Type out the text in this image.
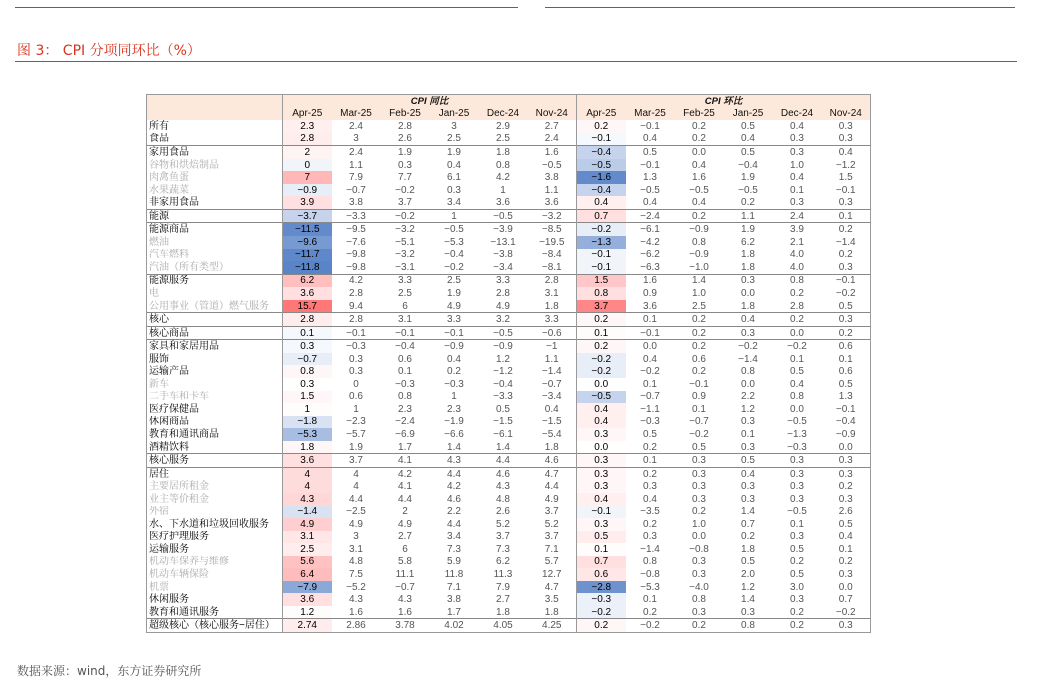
图 3： CPI 分项同环比（%）
	CPI 同比						CPI 环比					
	Apr-25	Mar-25	Feb-25	Jan-25	Dec-24	Nov-24	Apr-25	Mar-25	Feb-25	Jan-25	Dec-24	Nov-24
所有	2.3	2.4	2.8	3	2.9	2.7	0.2	−0.1	0.2	0.5	0.4	0.3
食品	2.8	3	2.6	2.5	2.5	2.4	−0.1	0.4	0.2	0.4	0.3	0.3
家用食品	2	2.4	1.9	1.9	1.8	1.6	−0.4	0.5	0.0	0.5	0.3	0.4
谷物和烘焙制品	0	1.1	0.3	0.4	0.8	−0.5	−0.5	−0.1	0.4	−0.4	1.0	−1.2
肉禽鱼蛋	7	7.9	7.7	6.1	4.2	3.8	−1.6	1.3	1.6	1.9	0.4	1.5
水果蔬菜	−0.9	−0.7	−0.2	0.3	1	1.1	−0.4	−0.5	−0.5	−0.5	0.1	−0.1
非家用食品	3.9	3.8	3.7	3.4	3.6	3.6	0.4	0.4	0.4	0.2	0.3	0.3
能源	−3.7	−3.3	−0.2	1	−0.5	−3.2	0.7	−2.4	0.2	1.1	2.4	0.1
能源商品	−11.5	−9.5	−3.2	−0.5	−3.9	−8.5	−0.2	−6.1	−0.9	1.9	3.9	0.2
燃油	−9.6	−7.6	−5.1	−5.3	−13.1	−19.5	−1.3	−4.2	0.8	6.2	2.1	−1.4
汽车燃料	−11.7	−9.8	−3.2	−0.4	−3.8	−8.4	−0.1	−6.2	−0.9	1.8	4.0	0.2
汽油（所有类型）	−11.8	−9.8	−3.1	−0.2	−3.4	−8.1	−0.1	−6.3	−1.0	1.8	4.0	0.3
能源服务	6.2	4.2	3.3	2.5	3.3	2.8	1.5	1.6	1.4	0.3	0.8	−0.1
电	3.6	2.8	2.5	1.9	2.8	3.1	0.8	0.9	1.0	0.0	0.2	−0.2
公用事业（管道）燃气服务	15.7	9.4	6	4.9	4.9	1.8	3.7	3.6	2.5	1.8	2.8	0.5
核心	2.8	2.8	3.1	3.3	3.2	3.3	0.2	0.1	0.2	0.4	0.2	0.3
核心商品	0.1	−0.1	−0.1	−0.1	−0.5	−0.6	0.1	−0.1	0.2	0.3	0.0	0.2
家具和家居用品	0.3	−0.3	−0.4	−0.9	−0.9	−1	0.2	0.0	0.2	−0.2	−0.2	0.6
服饰	−0.7	0.3	0.6	0.4	1.2	1.1	−0.2	0.4	0.6	−1.4	0.1	0.1
运输产品	0.8	0.3	0.1	0.2	−1.2	−1.4	−0.2	−0.2	0.2	0.8	0.5	0.6
新车	0.3	0	−0.3	−0.3	−0.4	−0.7	0.0	0.1	−0.1	0.0	0.4	0.5
二手车和卡车	1.5	0.6	0.8	1	−3.3	−3.4	−0.5	−0.7	0.9	2.2	0.8	1.3
医疗保健品	1	1	2.3	2.3	0.5	0.4	0.4	−1.1	0.1	1.2	0.0	−0.1
休闲商品	−1.8	−2.3	−2.4	−1.9	−1.5	−1.5	0.4	−0.3	−0.7	0.3	−0.5	−0.4
教育和通讯商品	−5.3	−5.7	−6.9	−6.6	−6.1	−5.4	0.3	0.5	−0.2	0.1	−1.3	−0.9
酒精饮料	1.8	1.9	1.7	1.4	1.4	1.8	0.0	0.2	0.5	0.3	−0.3	0.0
核心服务	3.6	3.7	4.1	4.3	4.4	4.6	0.3	0.1	0.3	0.5	0.3	0.3
居住	4	4	4.2	4.4	4.6	4.7	0.3	0.2	0.3	0.4	0.3	0.3
主要居所租金	4	4	4.1	4.2	4.3	4.4	0.3	0.3	0.3	0.3	0.3	0.2
业主等价租金	4.3	4.4	4.4	4.6	4.8	4.9	0.4	0.4	0.3	0.3	0.3	0.3
外宿	−1.4	−2.5	2	2.2	2.6	3.7	−0.1	−3.5	0.2	1.4	−0.5	2.6
水、下水道和垃圾回收服务	4.9	4.9	4.9	4.4	5.2	5.2	0.3	0.2	1.0	0.7	0.1	0.5
医疗护理服务	3.1	3	2.7	3.4	3.7	3.7	0.5	0.3	0.0	0.2	0.3	0.4
运输服务	2.5	3.1	6	7.3	7.3	7.1	0.1	−1.4	−0.8	1.8	0.5	0.1
机动车保养与维修	5.6	4.8	5.8	5.9	6.2	5.7	0.7	0.8	0.3	0.5	0.2	0.2
机动车辆保险	6.4	7.5	11.1	11.8	11.3	12.7	0.6	−0.8	0.3	2.0	0.5	0.3
机票	−7.9	−5.2	−0.7	7.1	7.9	4.7	−2.8	−5.3	−4.0	1.2	3.0	0.0
休闲服务	3.6	4.3	4.3	3.8	2.7	3.5	−0.3	0.1	0.8	1.4	0.3	0.7
教育和通讯服务	1.2	1.6	1.6	1.7	1.8	1.8	−0.2	0.2	0.3	0.3	0.2	−0.2
超级核心（核心服务−居住）	2.74	2.86	3.78	4.02	4.05	4.25	0.2	−0.2	0.2	0.8	0.2	0.3
数据来源：wind，东方证券研究所
